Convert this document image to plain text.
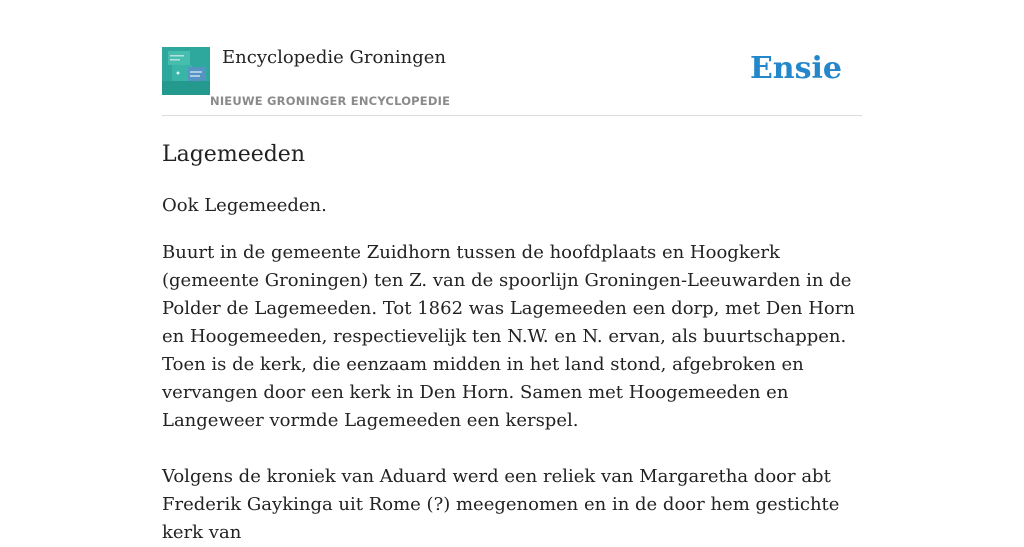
Encyclopedie Groningen
NIEUWE GRONINGER ENCYCLOPEDIE
Ensie
Lagemeeden

Ook Legemeeden.

Buurt in de gemeente Zuidhorn tussen de hoofdplaats en Hoogkerk (gemeente Groningen) ten Z. van de spoorlijn Groningen-Leeuwarden in de Polder de Lagemeeden. Tot 1862 was Lagemeeden een dorp, met Den Horn en Hoogemeeden, respectievelijk ten N.W. en N. ervan, als buurtschappen. Toen is de kerk, die eenzaam midden in het land stond, afgebroken en vervangen door een kerk in Den Horn. Samen met Hoogemeeden en Langeweer vormde Lagemeeden een kerspel.

Volgens de kroniek van Aduard werd een reliek van Margaretha door abt Frederik Gaykinga uit Rome (?) meegenomen en in de door hem gestichte kerk van
